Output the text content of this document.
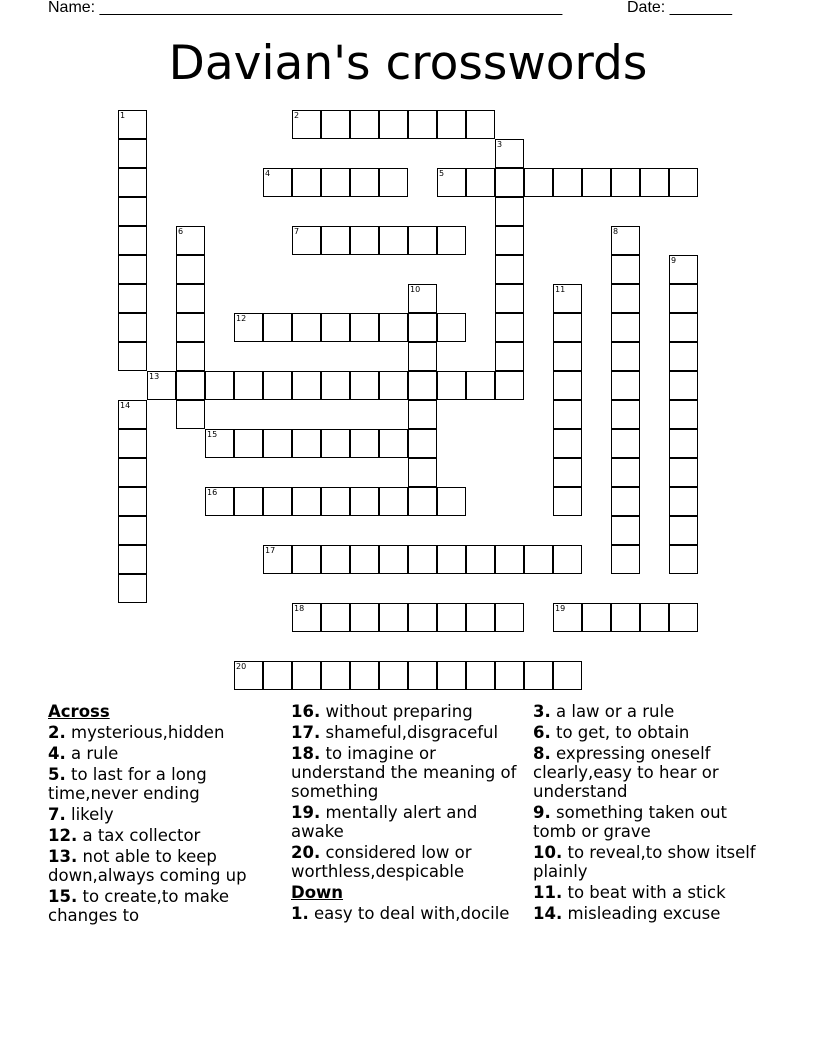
Name: ____________________________________________________	Date: _______
Davian's crosswords
1	2
3
4	5
6	7	8
9
10	11
12
13
14
15
16
17
18	19
20
Across

2. mysterious,hidden

4. a rule

5. to last for a long time,never ending

7. likely

12. a tax collector

13. not able to keep down,always coming up

15. to create,to make changes to

16. without preparing

17. shameful,disgraceful

18. to imagine or understand the meaning of something

19. mentally alert and awake

20. considered low or worthless,despicable

Down

1. easy to deal with,docile

3. a law or a rule

6. to get, to obtain

8. expressing oneself clearly,easy to hear or understand

9. something taken out tomb or grave

10. to reveal,to show itself plainly

11. to beat with a stick

14. misleading excuse
